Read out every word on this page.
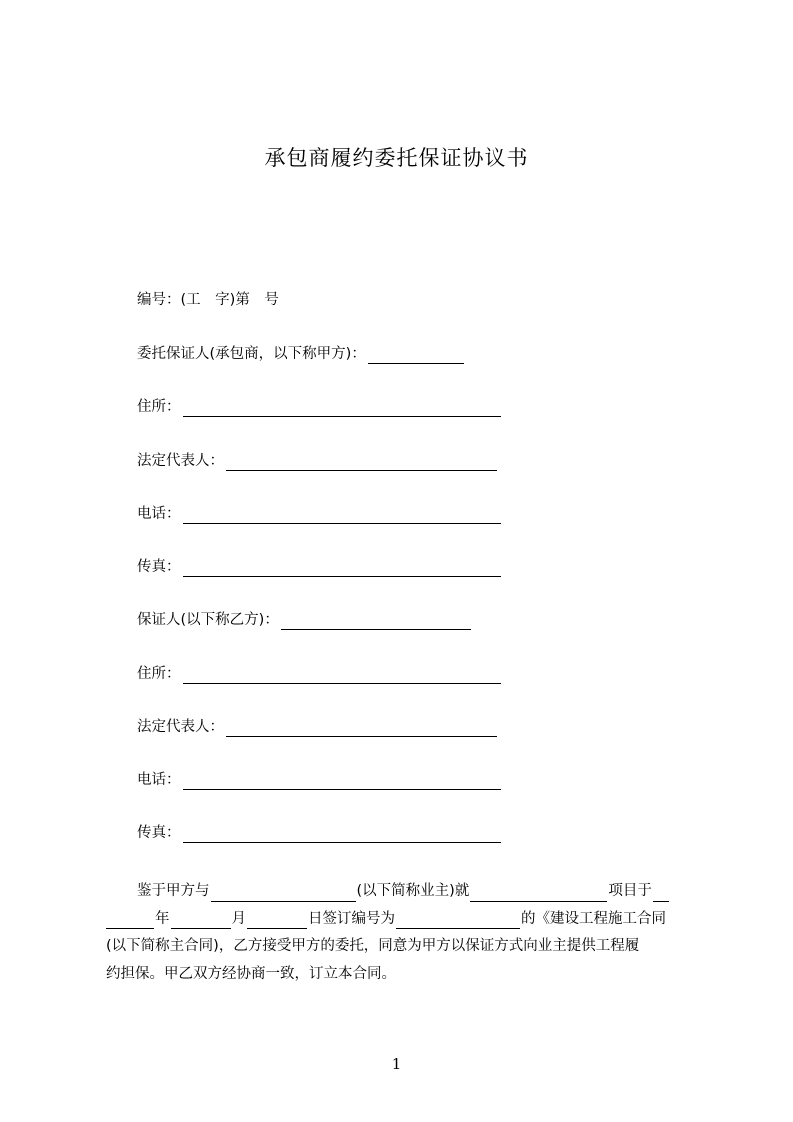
承包商履约委托保证协议书
编号：(工　字)第　号
委托保证人(承包商，以下称甲方)：
住所：
法定代表人：
电话：
传真：
保证人(以下称乙方)：
住所：
法定代表人：
电话：
传真：
鉴于甲方与	(以下简称业主)就	项目于
年	月	日签订编号为	的《建设工程施工合同
(以下简称主合同)，乙方接受甲方的委托，同意为甲方以保证方式向业主提供工程履
约担保。甲乙双方经协商一致，订立本合同。
1
